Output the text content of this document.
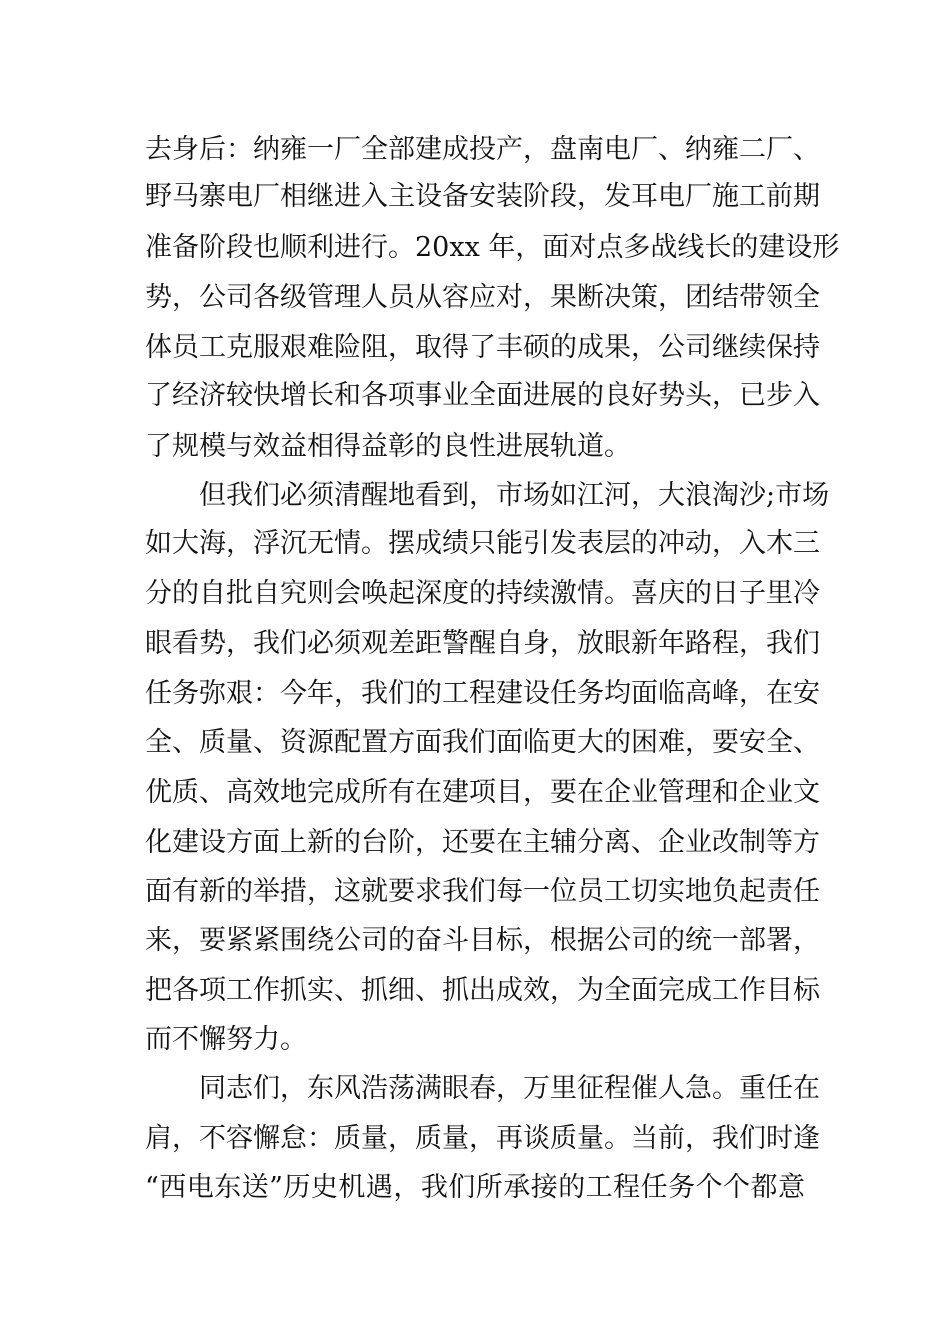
去身后：纳雍一厂全部建成投产，盘南电厂、纳雍二厂、
野马寨电厂相继进入主设备安装阶段，发耳电厂施工前期
准备阶段也顺利进行。20xx 年，面对点多战线长的建设形
势，公司各级管理人员从容应对，果断决策，团结带领全
体员工克服艰难险阻，取得了丰硕的成果，公司继续保持
了经济较快增长和各项事业全面进展的良好势头，已步入
了规模与效益相得益彰的良性进展轨道。
但我们必须清醒地看到，市场如江河，大浪淘沙;市场
如大海，浮沉无情。摆成绩只能引发表层的冲动，入木三
分的自批自究则会唤起深度的持续激情。喜庆的日子里冷
眼看势，我们必须观差距警醒自身，放眼新年路程，我们
任务弥艰：今年，我们的工程建设任务均面临高峰，在安
全、质量、资源配置方面我们面临更大的困难，要安全、
优质、高效地完成所有在建项目，要在企业管理和企业文
化建设方面上新的台阶，还要在主辅分离、企业改制等方
面有新的举措，这就要求我们每一位员工切实地负起责任
来，要紧紧围绕公司的奋斗目标，根据公司的统一部署，
把各项工作抓实、抓细、抓出成效，为全面完成工作目标
而不懈努力。
同志们，东风浩荡满眼春，万里征程催人急。重任在
肩，不容懈怠：质量，质量，再谈质量。当前，我们时逢
“西电东送”历史机遇，我们所承接的工程任务个个都意
